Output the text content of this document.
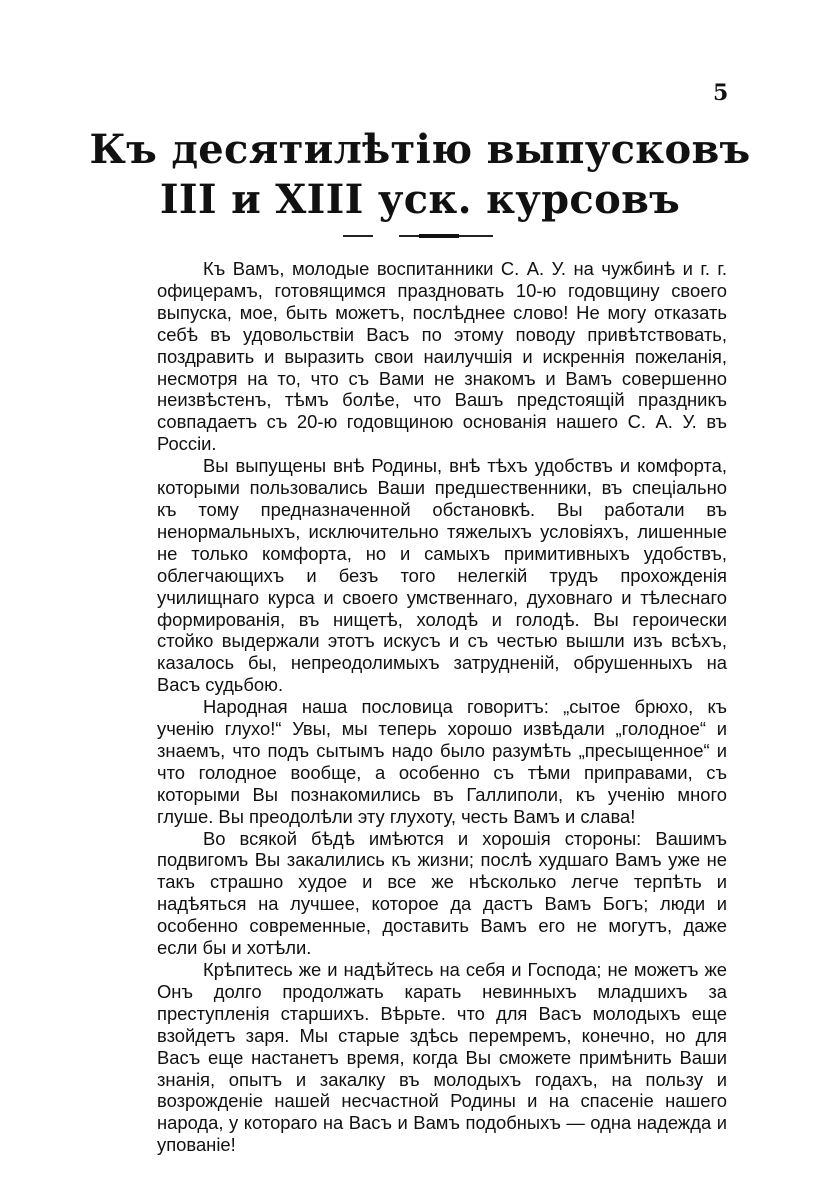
5
Къ десятилѣтiю выпусковъ
III и XIII уск. курсовъ

Къ Вамъ, молодые воспитанники С. А. У. на чужбинѣ и г. г. офицерамъ, готовящимся праздновать 10-ю годовщину своего выпуска, мое, быть можетъ, послѣднее слово! Не могу отказать себѣ въ удовольствiи Васъ по этому поводу привѣтствовать, поздравить и выразить свои наилучшiя и искреннiя пожеланiя, несмотря на то, что съ Вами не знакомъ и Вамъ совершенно неизвѣстенъ, тѣмъ болѣе, что Вашъ предстоящiй праздникъ совпадаетъ съ 20-ю годовщиною основанiя нашего С. А. У. въ Россiи.

Вы выпущены внѣ Родины, внѣ тѣхъ удобствъ и комфорта, которыми пользовались Ваши предшественники, въ спецiально къ тому предназначенной обстановкѣ. Вы работали въ ненормальныхъ, исключительно тяжелыхъ условiяхъ, лишенные не только комфорта, но и самыхъ примитивныхъ удобствъ, облегчающихъ и безъ того нелегкiй трудъ прохожденiя училищнаго курса и своего умственнаго, духовнаго и тѣлеснаго формированiя, въ нищетѣ, холодѣ и голодѣ. Вы героически стойко выдержали этотъ искусъ и съ честью вышли изъ всѣхъ, казалось бы, непреодолимыхъ затрудненiй, обрушенныхъ на Васъ судьбою.

Народная наша пословица говоритъ: „сытое брюхо, къ ученiю глухо!“ Увы, мы теперь хорошо извѣдали „голодное“ и знаемъ, что подъ сытымъ надо было разумѣть „пресыщенное“ и что голодное вообще, а особенно съ тѣми приправами, съ которыми Вы познакомились въ Галлиполи, къ ученiю много глуше. Вы преодолѣли эту глухоту, честь Вамъ и слава!

Во всякой бѣдѣ имѣются и хорошiя стороны: Вашимъ подвигомъ Вы закалились къ жизни; послѣ худшаго Вамъ уже не такъ страшно худое и все же нѣсколько легче терпѣть и надѣяться на лучшее, которое да дастъ Вамъ Богъ; люди и особенно современные, доставить Вамъ его не могутъ, даже если бы и хотѣли.

Крѣпитесь же и надѣйтесь на себя и Господа; не можетъ же Онъ долго продолжать карать невинныхъ младшихъ за преступленiя старшихъ. Вѣрьте. что для Васъ молодыхъ еще взойдетъ заря. Мы старые здѣсь перемремъ, конечно, но для Васъ еще настанетъ время, когда Вы сможете примѣнить Ваши знанiя, опытъ и закалку въ молодыхъ годахъ, на пользу и возрожденiе нашей несчастной Родины и на спасенiе нашего народа, у котораго на Васъ и Вамъ подобныхъ — одна надежда и упованiе!
